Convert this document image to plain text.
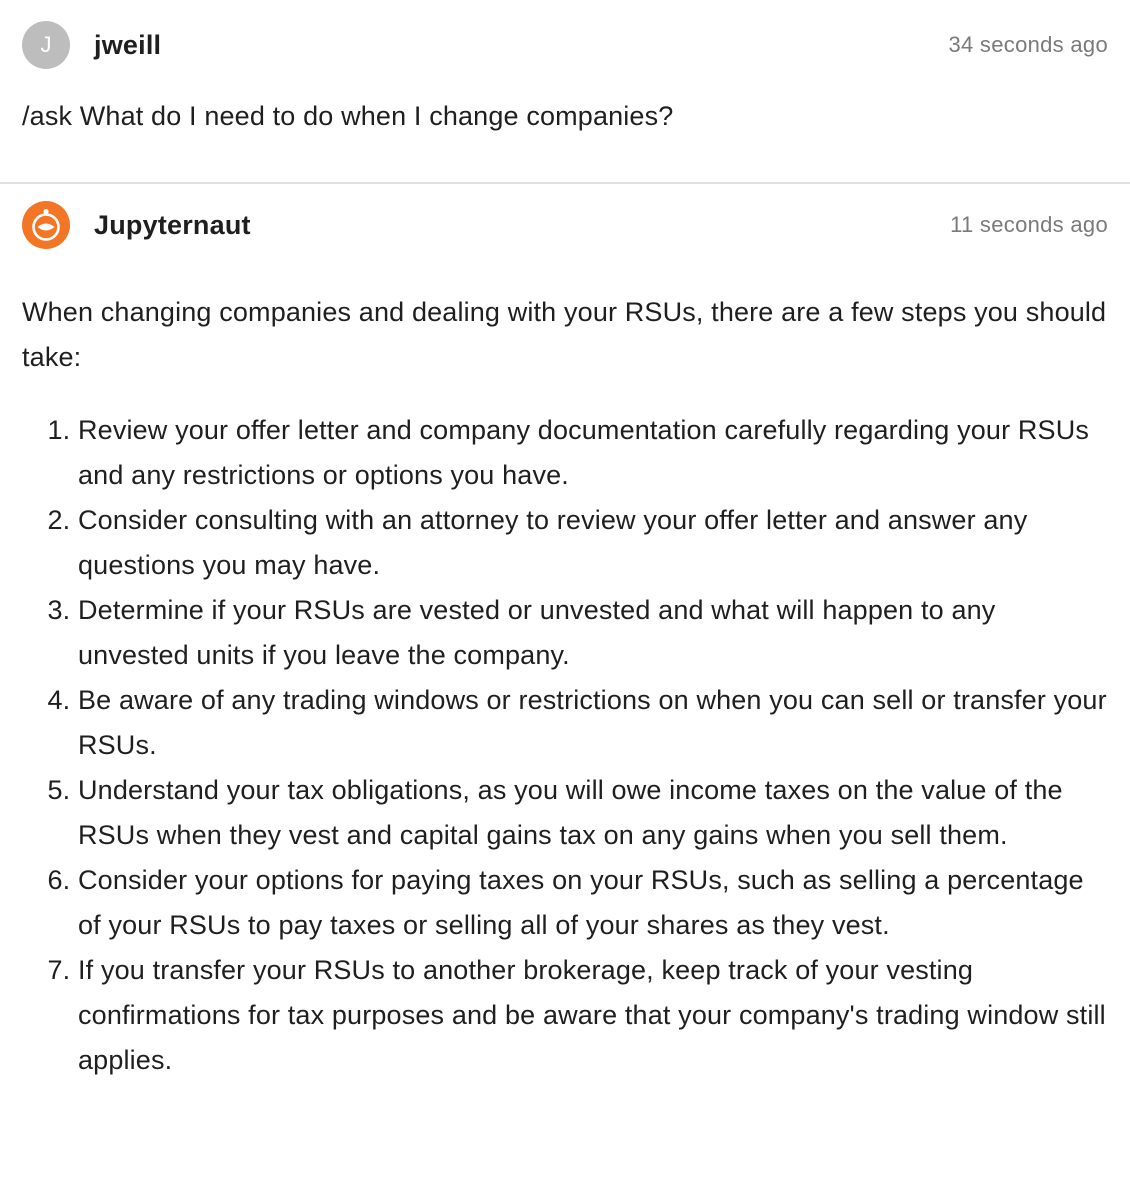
J	jweill	34 seconds ago
/ask What do I need to do when I change companies?
Jupyternaut	11 seconds ago
When changing companies and dealing with your RSUs, there are a few steps you should take:
1. Review your offer letter and company documentation carefully regarding your RSUs and any restrictions or options you have.
2. Consider consulting with an attorney to review your offer letter and answer any questions you may have.
3. Determine if your RSUs are vested or unvested and what will happen to any unvested units if you leave the company.
4. Be aware of any trading windows or restrictions on when you can sell or transfer your RSUs.
5. Understand your tax obligations, as you will owe income taxes on the value of the RSUs when they vest and capital gains tax on any gains when you sell them.
6. Consider your options for paying taxes on your RSUs, such as selling a percentage of your RSUs to pay taxes or selling all of your shares as they vest.
7. If you transfer your RSUs to another brokerage, keep track of your vesting confirmations for tax purposes and be aware that your company's trading window still applies.
